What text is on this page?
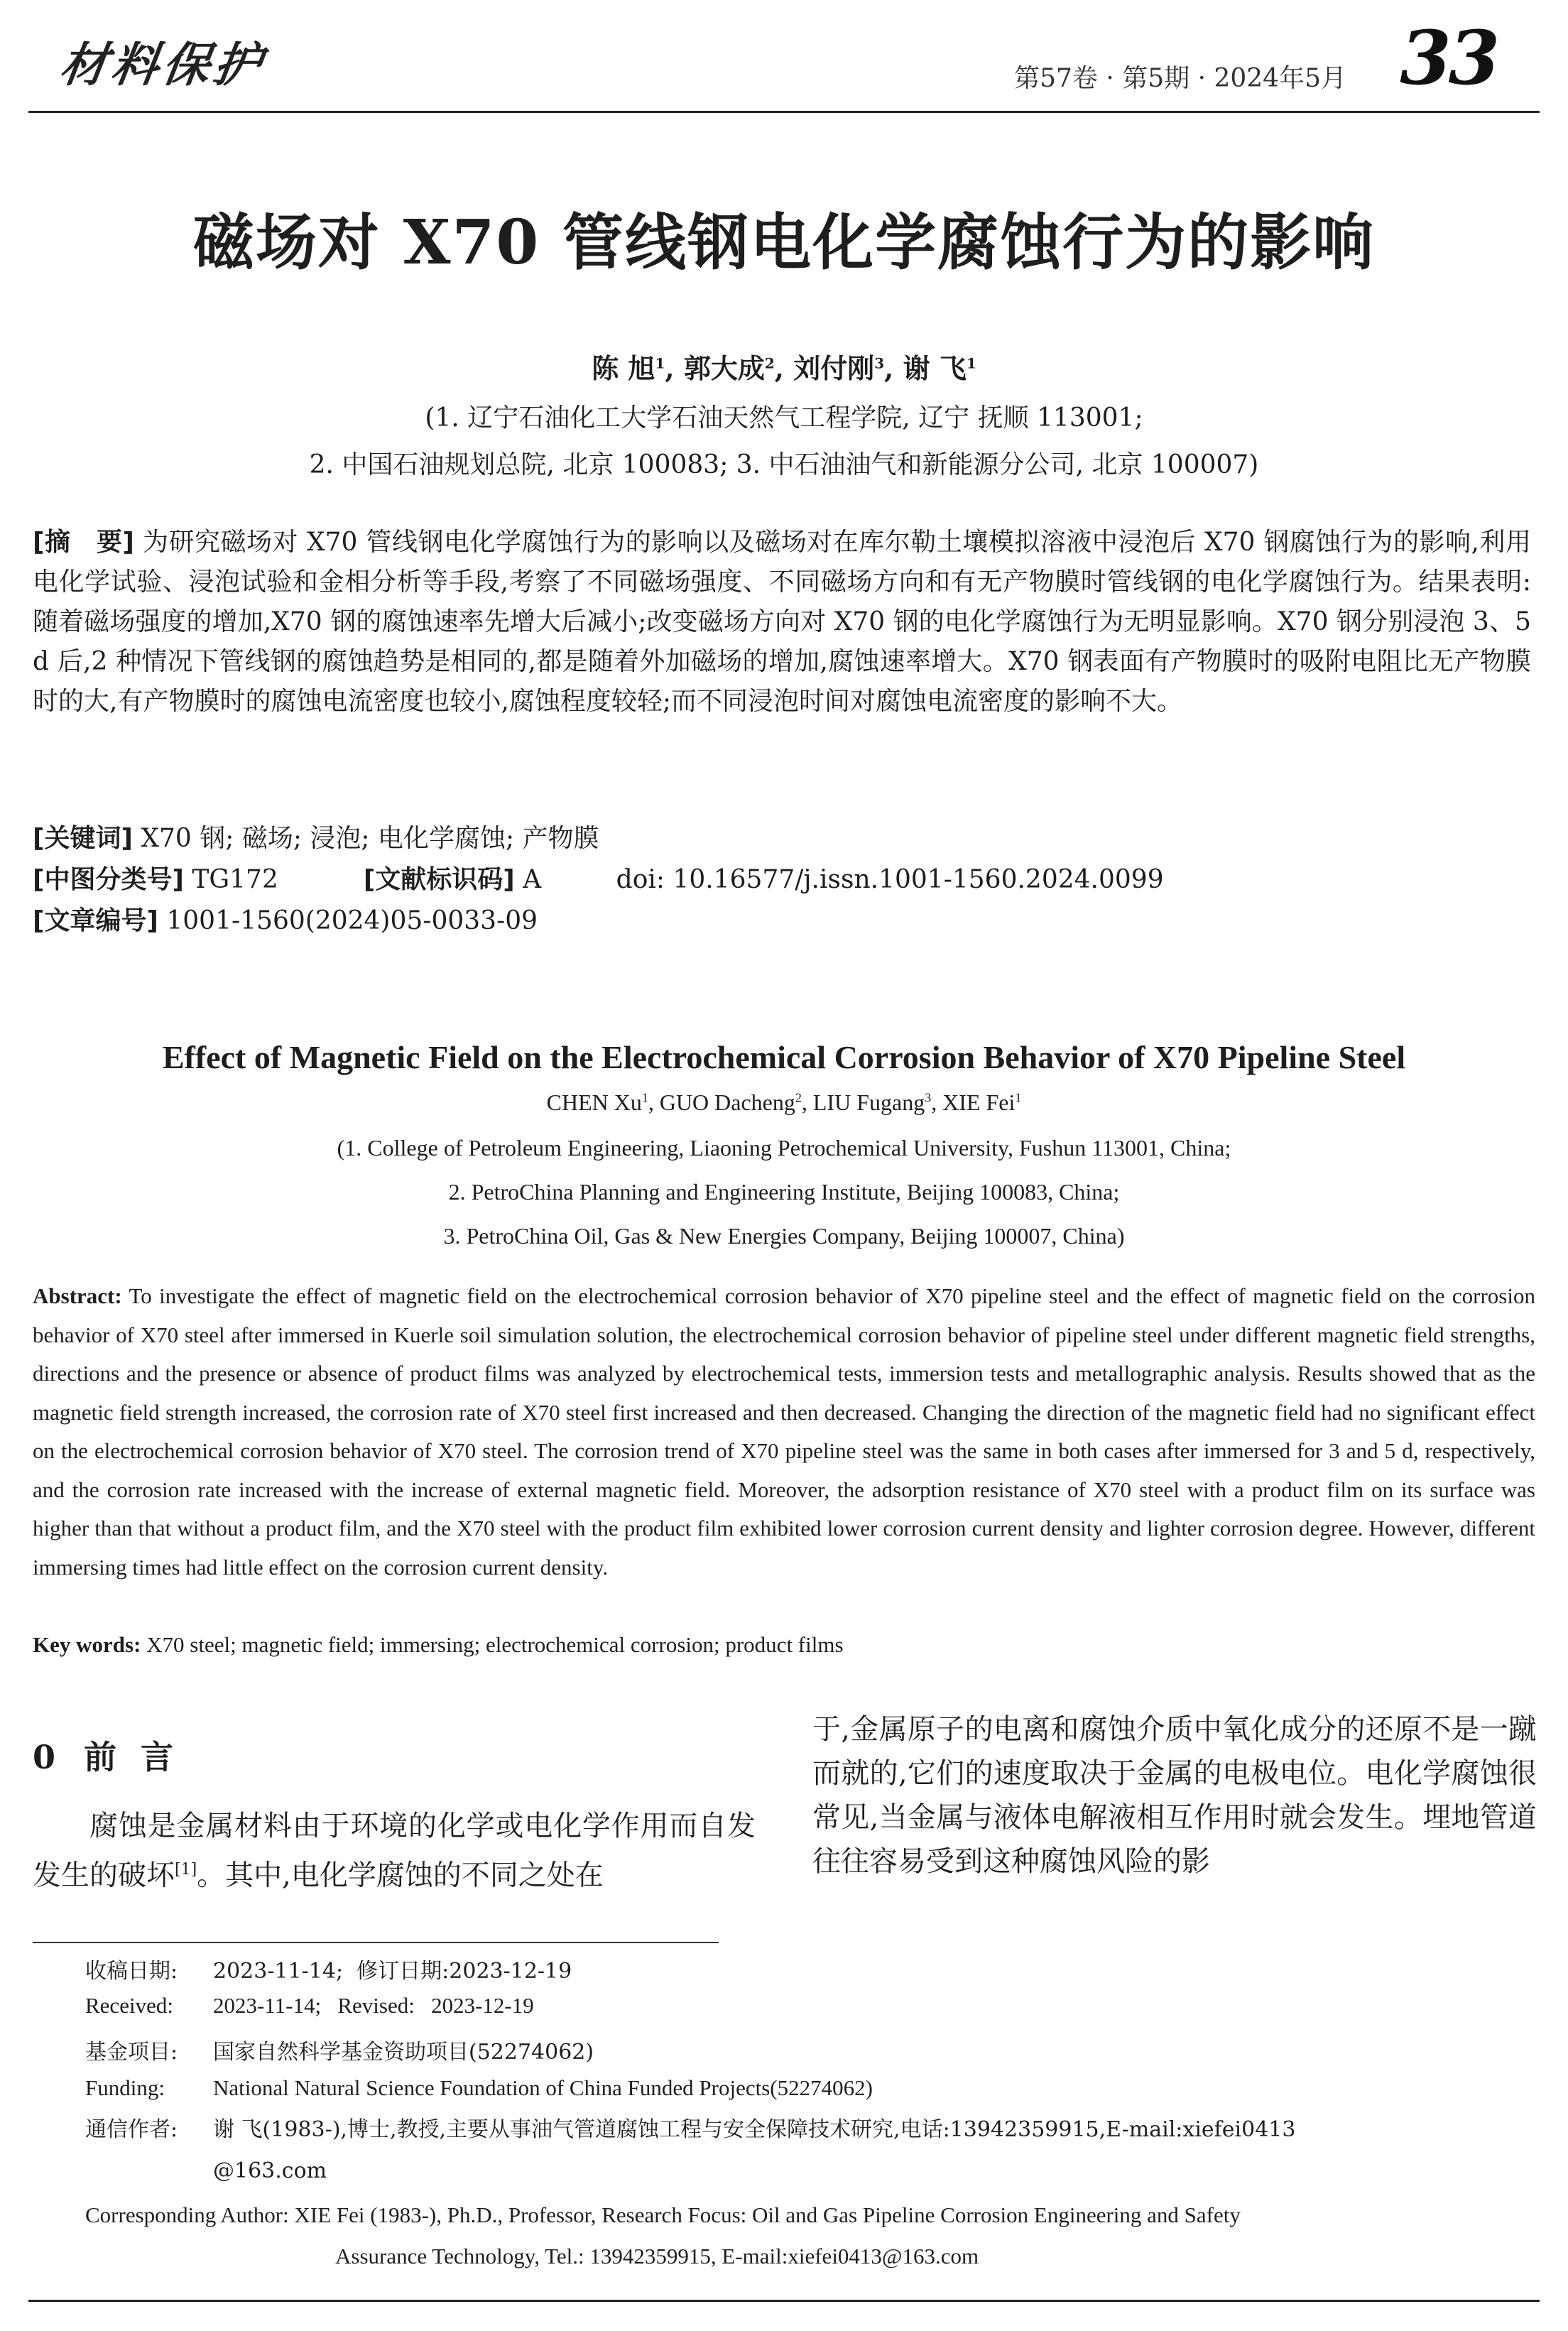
材料保护	第57卷 · 第5期 · 2024年5月 33
磁场对 X70 管线钢电化学腐蚀行为的影响
陈 旭$^1$, 郭大成$^2$, 刘付刚$^3$, 谢 飞$^1$
(1. 辽宁石油化工大学石油天然气工程学院, 辽宁 抚顺 113001;
2. 中国石油规划总院, 北京 100083; 3. 中石油油气和新能源分公司, 北京 100007)
[摘　要] 为研究磁场对 X70 管线钢电化学腐蚀行为的影响以及磁场对在库尔勒土壤模拟溶液中浸泡后 X70 钢腐蚀行为的影响,利用电化学试验、浸泡试验和金相分析等手段,考察了不同磁场强度、不同磁场方向和有无产物膜时管线钢的电化学腐蚀行为。结果表明:随着磁场强度的增加,X70 钢的腐蚀速率先增大后减小;改变磁场方向对 X70 钢的电化学腐蚀行为无明显影响。X70 钢分别浸泡 3、5 d 后,2 种情况下管线钢的腐蚀趋势是相同的,都是随着外加磁场的增加,腐蚀速率增大。X70 钢表面有产物膜时的吸附电阻比无产物膜时的大,有产物膜时的腐蚀电流密度也较小,腐蚀程度较轻;而不同浸泡时间对腐蚀电流密度的影响不大。
[关键词] X70 钢; 磁场; 浸泡; 电化学腐蚀; 产物膜
[中图分类号] TG172	[文献标识码] A	doi: 10.16577/j.issn.1001-1560.2024.0099
[文章编号] 1001-1560(2024)05-0033-09
Effect of Magnetic Field on the Electrochemical Corrosion Behavior of X70 Pipeline Steel
CHEN Xu$^1$, GUO Dacheng$^2$, LIU Fugang$^3$, XIE Fei$^1$
(1. College of Petroleum Engineering, Liaoning Petrochemical University, Fushun 113001, China;
2. PetroChina Planning and Engineering Institute, Beijing 100083, China;
3. PetroChina Oil, Gas & New Energies Company, Beijing 100007, China)
Abstract: To investigate the effect of magnetic field on the electrochemical corrosion behavior of X70 pipeline steel and the effect of magnetic field on the corrosion behavior of X70 steel after immersed in Kuerle soil simulation solution, the electrochemical corrosion behavior of pipeline steel under different magnetic field strengths, directions and the presence or absence of product films was analyzed by electrochemical tests, immersion tests and metallographic analysis. Results showed that as the magnetic field strength increased, the corrosion rate of X70 steel first increased and then decreased. Changing the direction of the magnetic field had no significant effect on the electrochemical corrosion behavior of X70 steel. The corrosion trend of X70 pipeline steel was the same in both cases after immersed for 3 and 5 d, respectively, and the corrosion rate increased with the increase of external magnetic field. Moreover, the adsorption resistance of X70 steel with a product film on its surface was higher than that without a product film, and the X70 steel with the product film exhibited lower corrosion current density and lighter corrosion degree. However, different immersing times had little effect on the corrosion current density.
Key words: X70 steel; magnetic field; immersing; electrochemical corrosion; product films
0 前言
腐蚀是金属材料由于环境的化学或电化学作用而自发发生的破坏[1]。其中,电化学腐蚀的不同之处在
于,金属原子的电离和腐蚀介质中氧化成分的还原不是一蹴而就的,它们的速度取决于金属的电极电位。电化学腐蚀很常见,当金属与液体电解液相互作用时就会发生。埋地管道往往容易受到这种腐蚀风险的影
收稿日期: 2023-11-14; 修订日期:2023-12-19
Received: 2023-11-14; Revised: 2023-12-19
基金项目: 国家自然科学基金资助项目(52274062)
Funding: National Natural Science Foundation of China Funded Projects(52274062)
通信作者: 谢 飞(1983-),博士,教授,主要从事油气管道腐蚀工程与安全保障技术研究,电话:13942359915,E-mail:xiefei0413
@163.com
Corresponding Author: XIE Fei (1983-), Ph.D., Professor, Research Focus: Oil and Gas Pipeline Corrosion Engineering and Safety
Assurance Technology, Tel.: 13942359915, E-mail:xiefei0413@163.com
